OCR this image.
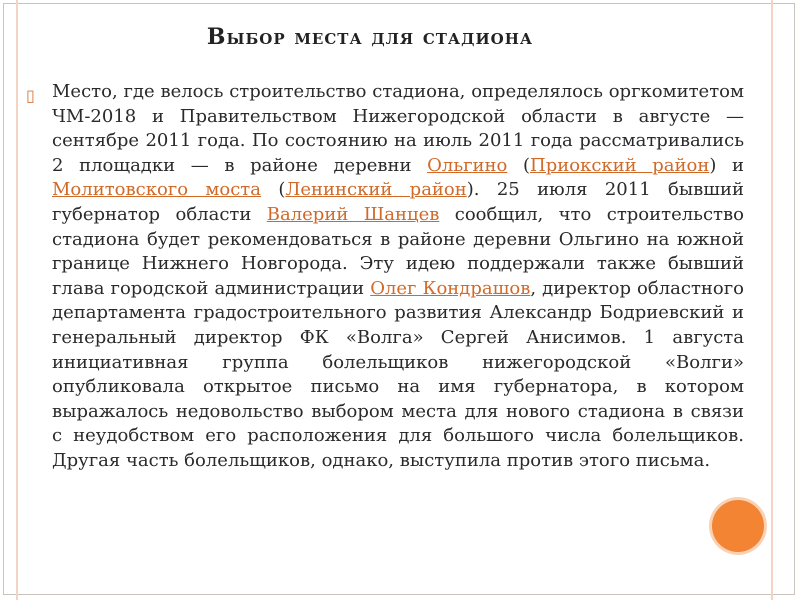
Выбор места для стадиона
▯ Место, где велось строительство стадиона, определялось оргкомитетом ЧМ-2018 и Правительством Нижегородской области в августе — сентябре 2011 года. По состоянию на июль 2011 года рассматривались 2 площадки — в районе деревни Ольгино (Приокский район) и Молитовского моста (Ленинский район). 25 июля 2011 бывший губернатор области Валерий Шанцев сообщил, что строительство стадиона будет рекомендоваться в районе деревни Ольгино на южной границе Нижнего Новгорода. Эту идею поддержали также бывший глава городской администрации Олег Кондрашов, директор областного департамента градостроительного развития Александр Бодриевский и генеральный директор ФК «Волга» Сергей Анисимов. 1 августа инициативная группа болельщиков нижегородской «Волги» опубликовала открытое письмо на имя губернатора, в котором выражалось недовольство выбором места для нового стадиона в связи с неудобством его расположения для большого числа болельщиков. Другая часть болельщиков, однако, выступила против этого письма.
